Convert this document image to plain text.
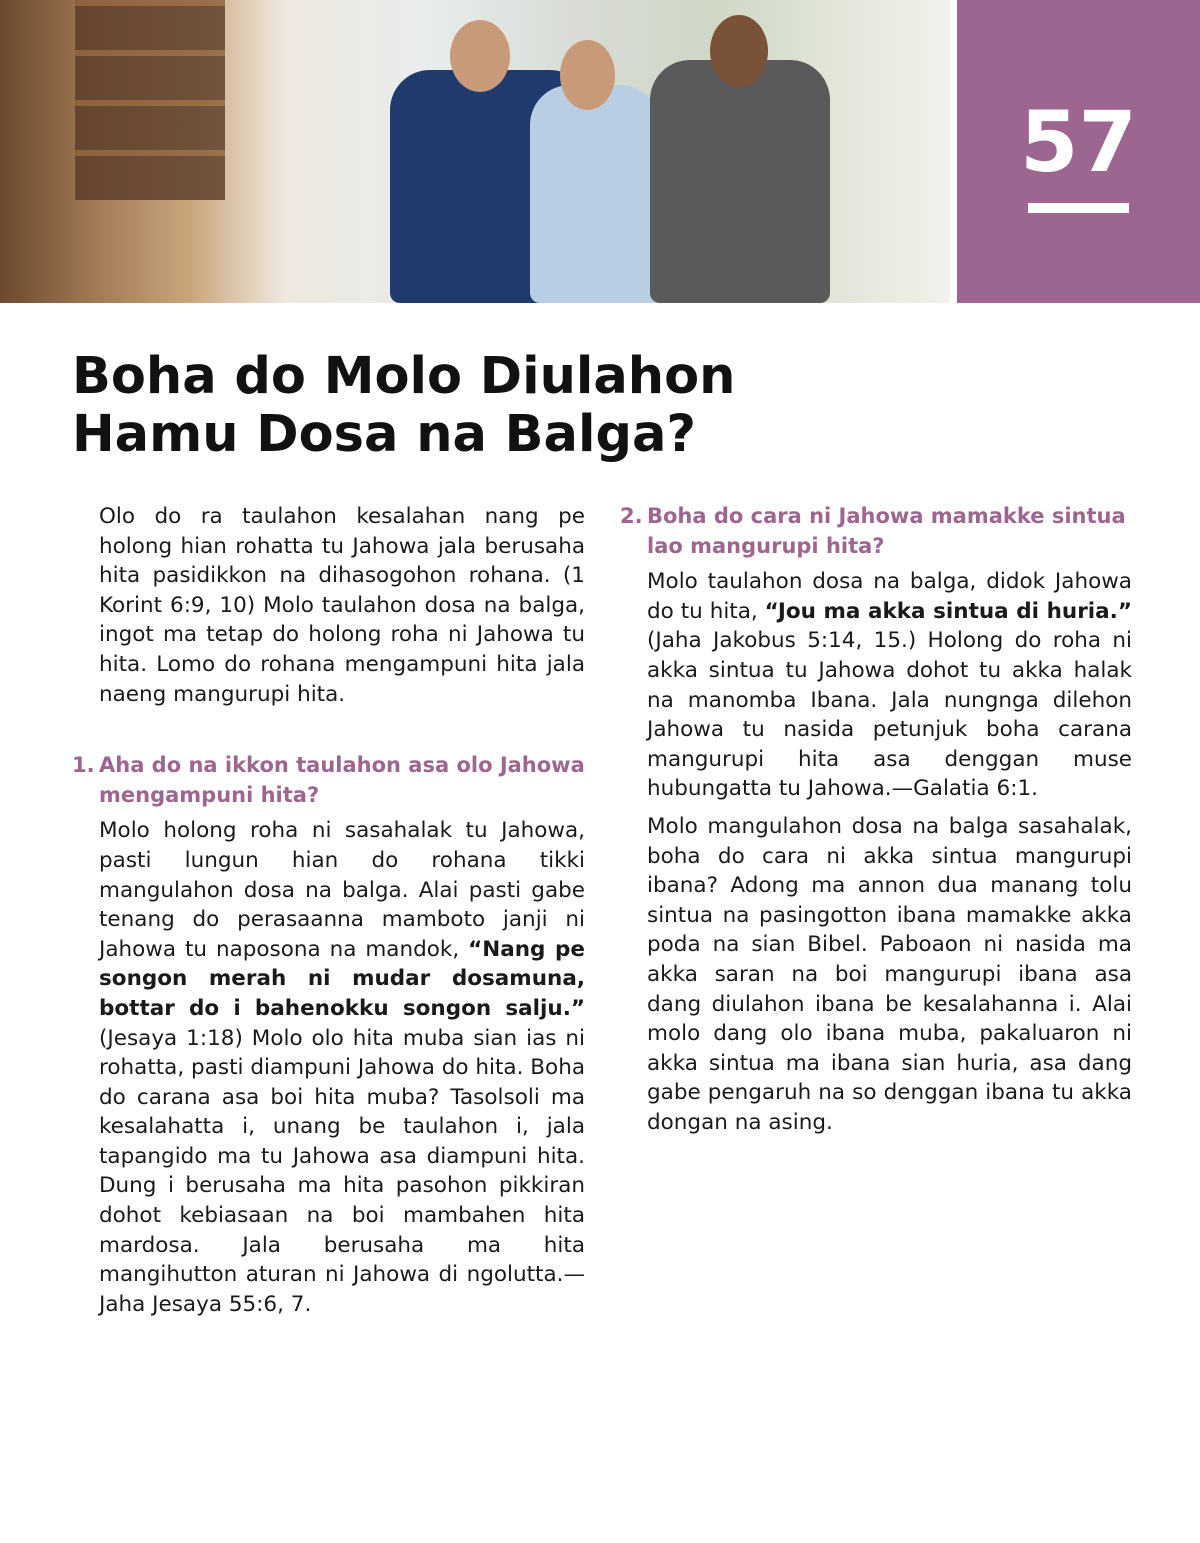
57
Boha do Molo Diulahon Hamu Dosa na Balga?

Olo do ra taulahon kesalahan nang pe holong hian rohatta tu Jahowa jala berusaha hita pasidikkon na dihasogohon rohana. (1 Korint 6:9, 10) Molo taulahon dosa na balga, ingot ma tetap do holong roha ni Jahowa tu hita. Lomo do rohana mengampuni hita jala naeng mangurupi hita.

1. Aha do na ikkon taulahon asa olo Jahowa mengampuni hita?

Molo holong roha ni sasahalak tu Jahowa, pasti lungun hian do rohana tikki mangulahon dosa na balga. Alai pasti gabe tenang do perasaanna mamboto janji ni Jahowa tu naposona na mandok, “Nang pe songon merah ni mudar dosamuna, bottar do i bahenokku songon salju.” (Jesaya 1:18) Molo olo hita muba sian ias ni rohatta, pasti diampuni Jahowa do hita. Boha do carana asa boi hita muba? Tasolsoli ma kesalahatta i, unang be taulahon i, jala tapangido ma tu Jahowa asa diampuni hita. Dung i berusaha ma hita pasohon pikkiran dohot kebiasaan na boi mambahen hita mardosa. Jala berusaha ma hita mangihutton aturan ni Jahowa di ngolutta.—Jaha Jesaya 55:6, 7.

2. Boha do cara ni Jahowa mamakke sintua lao mangurupi hita?

Molo taulahon dosa na balga, didok Jahowa do tu hita, “Jou ma akka sintua di huria.” (Jaha Jakobus 5:14, 15.) Holong do roha ni akka sintua tu Jahowa dohot tu akka halak na manomba Ibana. Jala nungnga dilehon Jahowa tu nasida petunjuk boha carana mangurupi hita asa denggan muse hubungatta tu Jahowa.—Galatia 6:1.

Molo mangulahon dosa na balga sasahalak, boha do cara ni akka sintua mangurupi ibana? Adong ma annon dua manang tolu sintua na pasingotton ibana mamakke akka poda na sian Bibel. Paboaon ni nasida ma akka saran na boi mangurupi ibana asa dang diulahon ibana be kesalahanna i. Alai molo dang olo ibana muba, pakaluaron ni akka sintua ma ibana sian huria, asa dang gabe pengaruh na so denggan ibana tu akka dongan na asing.
